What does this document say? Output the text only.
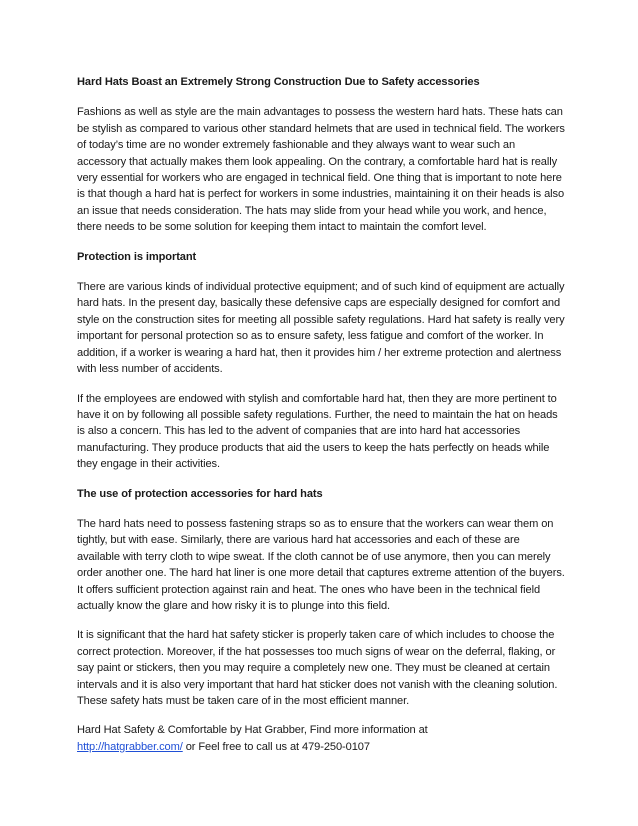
Hard Hats Boast an Extremely Strong Construction Due to Safety accessories

Fashions as well as style are the main advantages to possess the western hard hats. These hats can be stylish as compared to various other standard helmets that are used in technical field. The workers of today’s time are no wonder extremely fashionable and they always want to wear such an accessory that actually makes them look appealing. On the contrary, a comfortable hard hat is really very essential for workers who are engaged in technical field. One thing that is important to note here is that though a hard hat is perfect for workers in some industries, maintaining it on their heads is also an issue that needs consideration. The hats may slide from your head while you work, and hence, there needs to be some solution for keeping them intact to maintain the comfort level.

Protection is important

There are various kinds of individual protective equipment; and of such kind of equipment are actually hard hats. In the present day, basically these defensive caps are especially designed for comfort and style on the construction sites for meeting all possible safety regulations. Hard hat safety is really very important for personal protection so as to ensure safety, less fatigue and comfort of the worker. In addition, if a worker is wearing a hard hat, then it provides him / her extreme protection and alertness with less number of accidents.

If the employees are endowed with stylish and comfortable hard hat, then they are more pertinent to have it on by following all possible safety regulations. Further, the need to maintain the hat on heads is also a concern. This has led to the advent of companies that are into hard hat accessories manufacturing. They produce products that aid the users to keep the hats perfectly on heads while they engage in their activities.

The use of protection accessories for hard hats

The hard hats need to possess fastening straps so as to ensure that the workers can wear them on tightly, but with ease. Similarly, there are various hard hat accessories and each of these are available with terry cloth to wipe sweat. If the cloth cannot be of use anymore, then you can merely order another one. The hard hat liner is one more detail that captures extreme attention of the buyers. It offers sufficient protection against rain and heat. The ones who have been in the technical field actually know the glare and how risky it is to plunge into this field.

It is significant that the hard hat safety sticker is properly taken care of which includes to choose the correct protection. Moreover, if the hat possesses too much signs of wear on the deferral, flaking, or say paint or stickers, then you may require a completely new one. They must be cleaned at certain intervals and it is also very important that hard hat sticker does not vanish with the cleaning solution. These safety hats must be taken care of in the most efficient manner.

Hard Hat Safety & Comfortable by Hat Grabber, Find more information at

http://hatgrabber.com/ or Feel free to call us at 479-250-0107
